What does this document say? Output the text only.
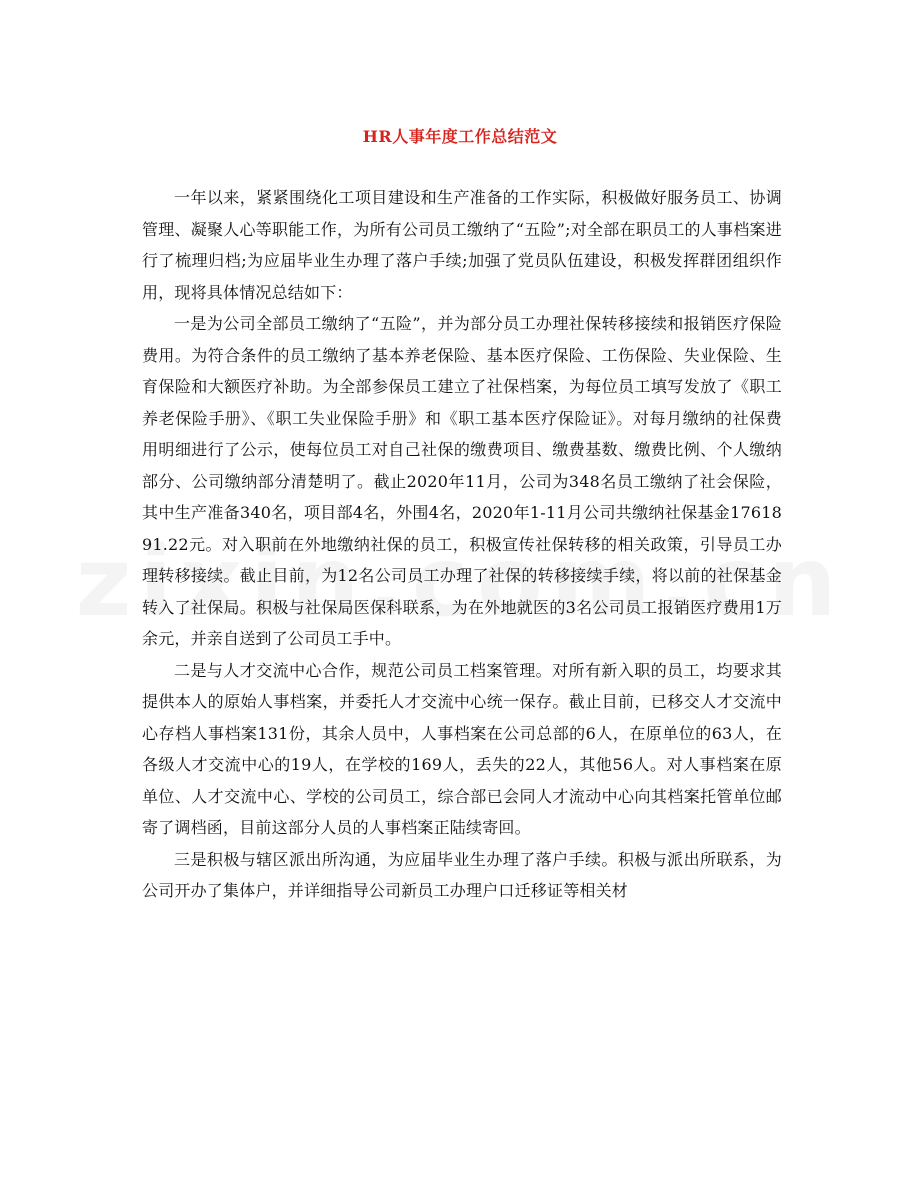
HR人事年度工作总结范文

一年以来，紧紧围绕化工项目建设和生产准备的工作实际，积极做好服务员工、协调管理、凝聚人心等职能工作，为所有公司员工缴纳了“五险”;对全部在职员工的人事档案进行了梳理归档;为应届毕业生办理了落户手续;加强了党员队伍建设，积极发挥群团组织作用，现将具体情况总结如下：

一是为公司全部员工缴纳了“五险”，并为部分员工办理社保转移接续和报销医疗保险费用。为符合条件的员工缴纳了基本养老保险、基本医疗保险、工伤保险、失业保险、生育保险和大额医疗补助。为全部参保员工建立了社保档案，为每位员工填写发放了《职工养老保险手册》、《职工失业保险手册》和《职工基本医疗保险证》。对每月缴纳的社保费用明细进行了公示，使每位员工对自己社保的缴费项目、缴费基数、缴费比例、个人缴纳部分、公司缴纳部分清楚明了。截止2020年11月，公司为348名员工缴纳了社会保险，其中生产准备340名，项目部4名，外围4名，2020年1-11月公司共缴纳社保基金1761891.22元。对入职前在外地缴纳社保的员工，积极宣传社保转移的相关政策，引导员工办理转移接续。截止目前，为12名公司员工办理了社保的转移接续手续，将以前的社保基金转入了社保局。积极与社保局医保科联系，为在外地就医的3名公司员工报销医疗费用1万余元，并亲自送到了公司员工手中。

二是与人才交流中心合作，规范公司员工档案管理。对所有新入职的员工，均要求其提供本人的原始人事档案，并委托人才交流中心统一保存。截止目前，已移交人才交流中心存档人事档案131份，其余人员中，人事档案在公司总部的6人，在原单位的63人，在各级人才交流中心的19人，在学校的169人，丢失的22人，其他56人。对人事档案在原单位、人才交流中心、学校的公司员工，综合部已会同人才流动中心向其档案托管单位邮寄了调档函，目前这部分人员的人事档案正陆续寄回。

三是积极与辖区派出所沟通，为应届毕业生办理了落户手续。积极与派出所联系，为公司开办了集体户，并详细指导公司新员工办理户口迁移证等相关材
